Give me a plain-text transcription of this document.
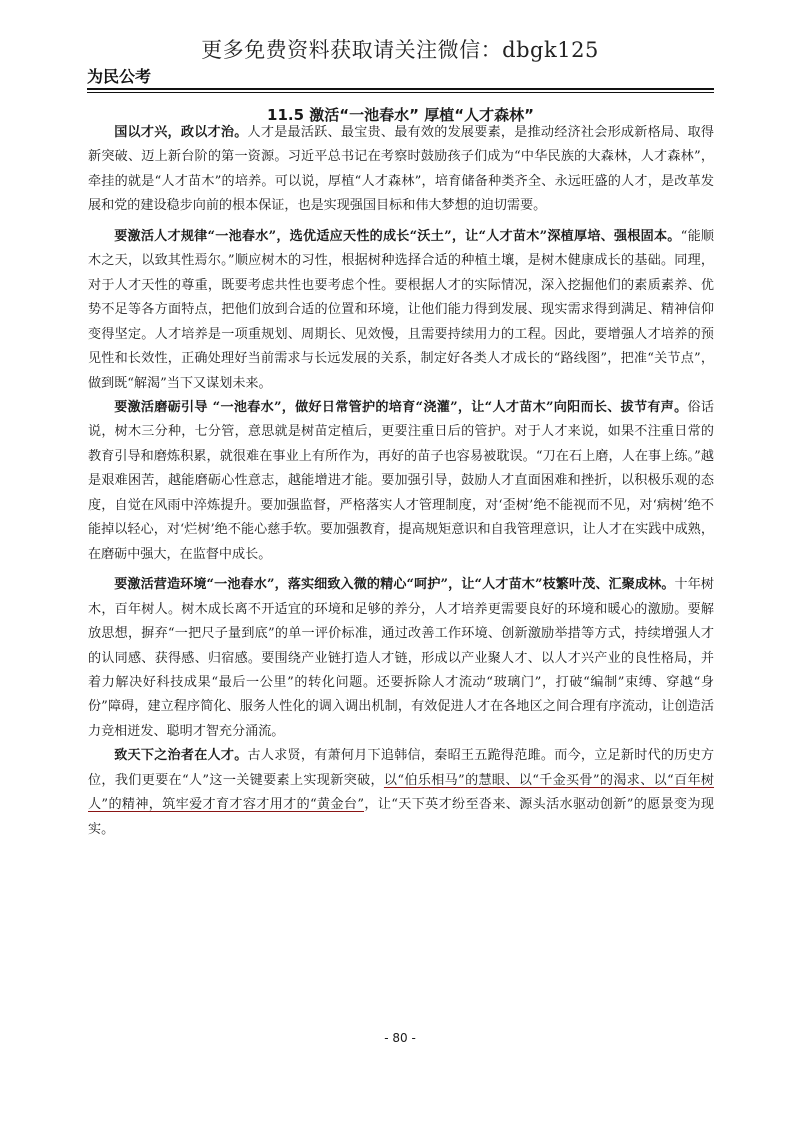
更多免费资料获取请关注微信：dbgk125
为民公考
11.5 激活“一池春水” 厚植“人才森林”

国以才兴，政以才治。人才是最活跃、最宝贵、最有效的发展要素，是推动经济社会形成新格局、取得新突破、迈上新台阶的第一资源。习近平总书记在考察时鼓励孩子们成为“中华民族的大森林，人才森林”，牵挂的就是“人才苗木”的培养。可以说，厚植“人才森林”，培育储备种类齐全、永远旺盛的人才，是改革发展和党的建设稳步向前的根本保证，也是实现强国目标和伟大梦想的迫切需要。

要激活人才规律“一池春水”，选优适应天性的成长“沃土”，让“人才苗木”深植厚培、强根固本。“能顺木之天，以致其性焉尔。”顺应树木的习性，根据树种选择合适的种植土壤，是树木健康成长的基础。同理，对于人才天性的尊重，既要考虑共性也要考虑个性。要根据人才的实际情况，深入挖掘他们的素质素养、优势不足等各方面特点，把他们放到合适的位置和环境，让他们能力得到发展、现实需求得到满足、精神信仰变得坚定。人才培养是一项重规划、周期长、见效慢，且需要持续用力的工程。因此，要增强人才培养的预见性和长效性，正确处理好当前需求与长远发展的关系，制定好各类人才成长的“路线图”，把准“关节点”，做到既“解渴”当下又谋划未来。

要激活磨砺引导 “一池春水”，做好日常管护的培育“浇灌”，让“人才苗木”向阳而长、拔节有声。俗话说，树木三分种，七分管，意思就是树苗定植后，更要注重日后的管护。对于人才来说，如果不注重日常的教育引导和磨炼积累，就很难在事业上有所作为，再好的苗子也容易被耽误。“刀在石上磨，人在事上练。”越是艰难困苦，越能磨砺心性意志，越能增进才能。要加强引导，鼓励人才直面困难和挫折，以积极乐观的态度，自觉在风雨中淬炼提升。要加强监督，严格落实人才管理制度，对‘歪树’绝不能视而不见，对‘病树’绝不能掉以轻心，对‘烂树’绝不能心慈手软。要加强教育，提高规矩意识和自我管理意识，让人才在实践中成熟，在磨砺中强大，在监督中成长。

要激活营造环境“一池春水”，落实细致入微的精心“呵护”，让“人才苗木”枝繁叶茂、汇聚成林。十年树木，百年树人。树木成长离不开适宜的环境和足够的养分，人才培养更需要良好的环境和暖心的激励。要解放思想，摒弃“一把尺子量到底”的单一评价标准，通过改善工作环境、创新激励举措等方式，持续增强人才的认同感、获得感、归宿感。要围绕产业链打造人才链，形成以产业聚人才、以人才兴产业的良性格局，并着力解决好科技成果“最后一公里”的转化问题。还要拆除人才流动“玻璃门”，打破“编制”束缚、穿越“身份”障碍，建立程序简化、服务人性化的调入调出机制，有效促进人才在各地区之间合理有序流动，让创造活力竞相迸发、聪明才智充分涌流。

致天下之治者在人才。古人求贤，有萧何月下追韩信，秦昭王五跪得范雎。而今，立足新时代的历史方位，我们更要在“人”这一关键要素上实现新突破，以“伯乐相马”的慧眼、以“千金买骨”的渴求、以“百年树人”的精神，筑牢爱才育才容才用才的“黄金台”，让“天下英才纷至沓来、源头活水驱动创新”的愿景变为现实。

- 80 -
